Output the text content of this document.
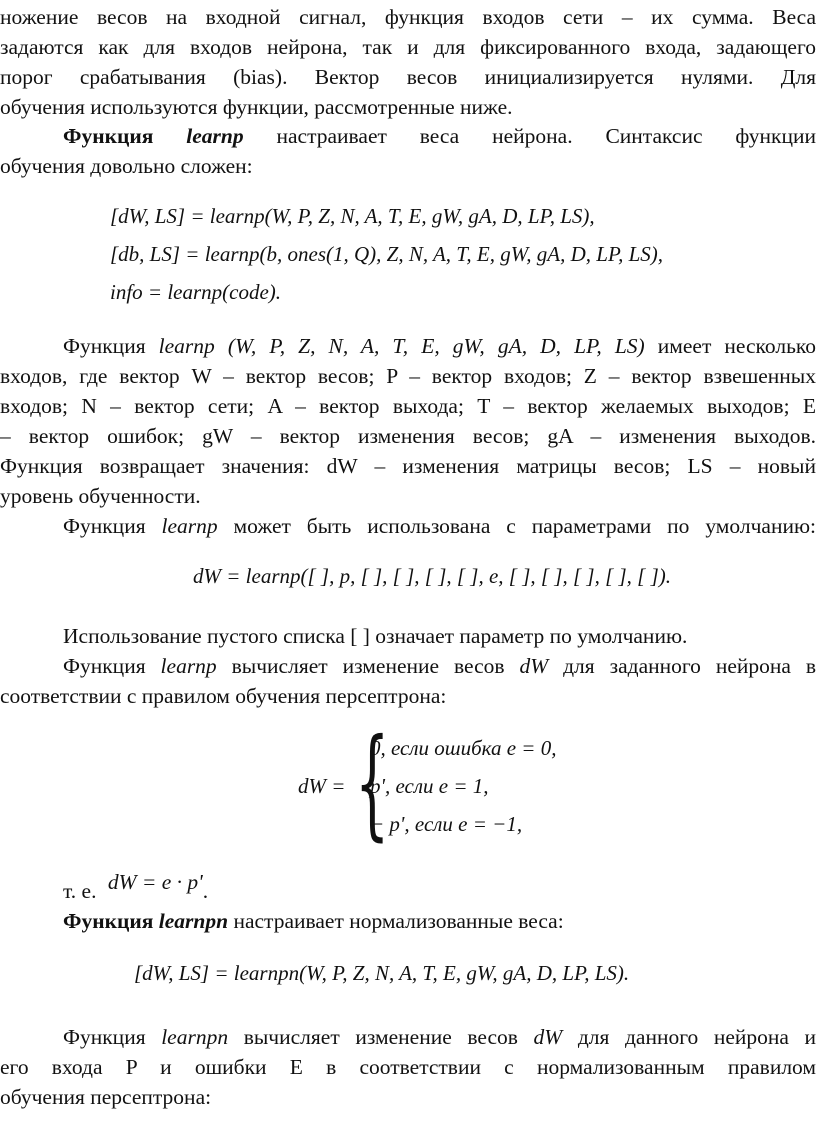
ножение весов на входной сигнал, функция входов сети – их сумма. Веса
задаются как для входов нейрона, так и для фиксированного входа, задающего
порог срабатывания (bias). Вектор весов инициализируется нулями. Для
обучения используются функции, рассмотренные ниже.
Функция learnp настраивает веса нейрона. Синтаксис функции
обучения довольно сложен:
[dW, LS] = learnp(W, P, Z, N, A, T, E, gW, gA, D, LP, LS),
[db, LS] = learnp(b, ones(1, Q), Z, N, A, T, E, gW, gA, D, LP, LS),
info = learnp(code).
Функция learnp (W, P, Z, N, A, T, E, gW, gA, D, LP, LS) имеет несколько
входов, где вектор W – вектор весов; P – вектор входов; Z – вектор взвешенных
входов; N – вектор сети; A – вектор выхода; T – вектор желаемых выходов; E
– вектор ошибок; gW – вектор изменения весов; gA – изменения выходов.
Функция возвращает значения: dW – изменения матрицы весов; LS – новый
уровень обученности.
Функция learnp может быть использована с параметрами по умолчанию:
dW = learnp([ ], p, [ ], [ ], [ ], [ ], e, [ ], [ ], [ ], [ ], [ ]).
Использование пустого списка [ ] означает параметр по умолчанию.
Функция learnp вычисляет изменение весов dW для заданного нейрона в
соответствии с правилом обучения персептрона:
dW = {
0, если ошибка e = 0,
p', если e = 1,
− p', если e = −1,
т. е. dW = e · p'.
Функция learnpn настраивает нормализованные веса:
[dW, LS] = learnpn(W, P, Z, N, A, T, E, gW, gA, D, LP, LS).
Функция learnpn вычисляет изменение весов dW для данного нейрона и
его входа P и ошибки E в соответствии с нормализованным правилом
обучения персептрона:
